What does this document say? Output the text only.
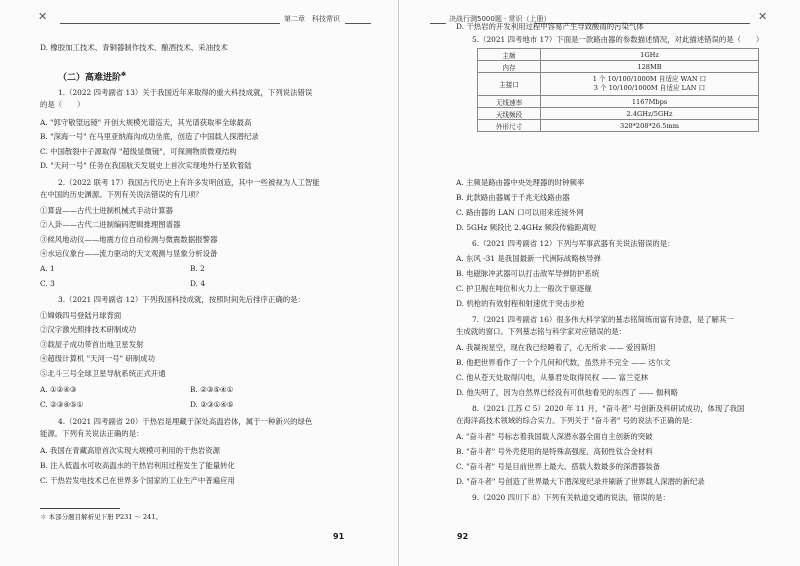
✕	第二章　科技常识
D. 橡胶加工技术、青铜器制作技术、酿酒技术、采油技术
（二）高难进阶✽
1.（2022 四考副省 13）关于我国近年来取得的重大科技成就，下列说法错误
的是（　　）
A. "郭守敬望远镜" 开创大规模光谱巡天，其光谱获取率全球最高
B. "深海一号" 在马里亚纳海沟成功坐底，创造了中国载人探潜纪录
C. 中国散裂中子源取得 "超级显微镜"，可探测物质微观结构
D. "天问一号" 任务在我国航天发展史上首次实现地外行星软着陆
2.（2022 联考 17）我国古代历史上有许多发明创造，其中一些被视为人工智能
在中国的历史渊源。下列有关说法错误的有几项？
①算盘——古代士进制机械式手动计算器
②入卦——古代二进制编码逻辑推理图谱器
③候风地动仪——地震方位自动检测与微震数据报警器
④水运仪象台——流力驱动的天文观测与显象分析设备
A. 1	B. 2
C. 3	D. 4
3.（2021 四考副省 12）下列我国科技成就，按照时间先后排序正确的是：
①嫦娥四号登陆月球背面
②汉字激光照排技术研制成功
③载屋子成功带首出地卫星发射
④超级计算机 "天河一号" 研制成功
⑤北斗三号全球卫星导航系统正式开通
A. ①②④③	B. ②③⑤④①
C. ②③④⑤①	D. ②③①④⑤
4.（2021 四考副省 20）干热岩是埋藏于深处高温岩体，属于一种新兴的绿色
能源。下列有关说法正确的是：
A. 我国在青藏高原首次实现大规模可利用的干热岩资源
B. 注入低温水可收高温水的干热岩利用过程发生了能量转化
C. 干热岩发电技术已在世界多个国家的工业生产中普遍应用
✽ 本部分题目解析见下册 P231 ～ 241。
91
决战行测5000题 · 常识（上册）	✕
D. 干热岩的开发利用过程中容易产生导致酸雨的污染气体
5.（2021 四考地市 17）下面是一款路由器的参数描述情况，对此描述错误的是（　　）
主频	1GHz
内存	128MB
主接口	1 个 10/100/1000M 自适应 WAN 口
3 个 10/100/1000M 自适应 LAN 口

无线速率	1167Mbps
天线频段	2.4GHz/5GHz
外形尺寸	320*208*26.5mm
A. 主频是路由器中央处理器的时钟频率
B. 此款路由器属于千兆无线路由器
C. 路由器的 LAN 口可以用来连接外网
D. 5GHz 频段比 2.4GHz 频段传输距离短
6.（2021 四考副省 12）下列与军事武器有关说法错误的是：
A. 东风 -31 是我国最新一代洲际战略核导弹
B. 电磁脉冲武器可以打击敌军导弹防护系统
C. 护卫舰在吨位和火力上一般次于驱逐舰
D. 机枪的有效射程和射速优于突击步枪
7.（2021 四考副省 16）很多伟大科学家的墓志铭简练而富有诗意，是了解其一
生成就的窗口。下列墓志铭与科学家对应错误的是：
A. 我凝视星空，现在我已经睡着了，心无所求 —— 爱因斯坦
B. 他把世界看作了一个个几何和代数，虽然并不完全 —— 达尔文
C. 他从苍天处取得闪电，从暴君处取得民权 —— 富兰克林
D. 他失明了，因为自然界已经没有可供他看见的东西了 —— 伽利略
8.（2021 江苏 C 5）2020 年 11 月，"奋斗者" 号创新及科研试成功，体现了我国
在海洋高技术领域的综合实力。下列关于 "奋斗者" 号的说法不正确的是：
A. "奋斗者" 号标志着我国载人深潜水器全面自主创新的突破
B. "奋斗者" 号外壳使用的是特殊高强度、高韧性钛合金材料
C. "奋斗者" 号是目前世界上最大、搭载人数最多的深潜器装备
D. "奋斗者" 号创造了世界最大下潜深度纪录并刷新了世界载人深潜的新纪录
9.（2020 四川下 8）下列有关轨道交通的说法，错误的是：
92
